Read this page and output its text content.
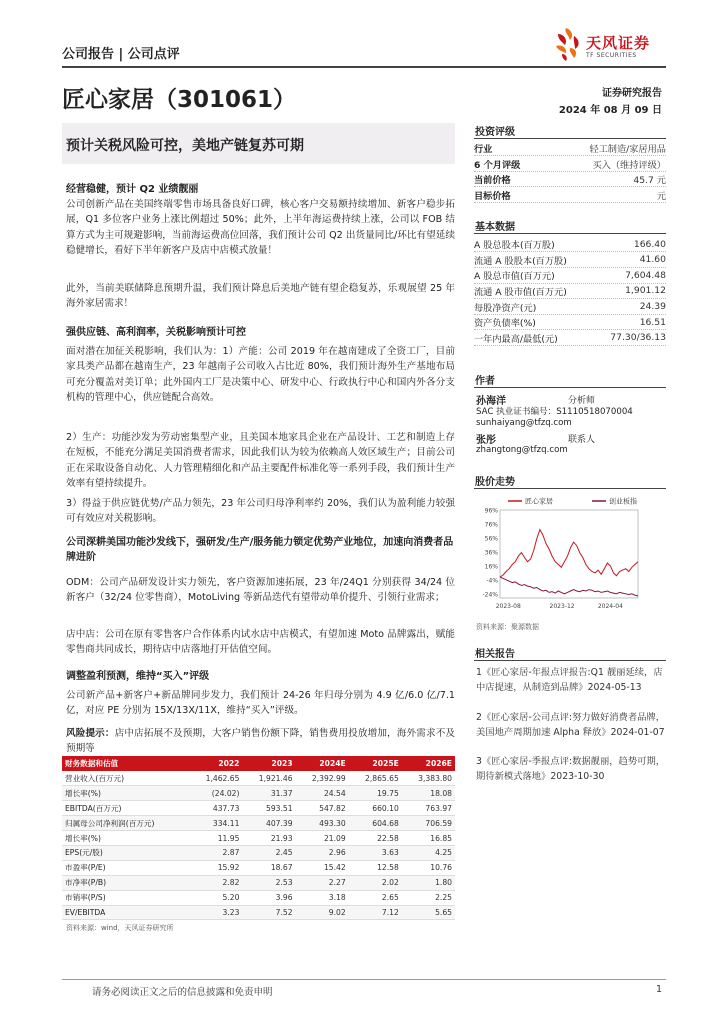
公司报告 | 公司点评
天风证券
TF SECURITIES
匠心家居（301061）	证券研究报告
2024 年 08 月 09 日
预计关税风险可控，美地产链复苏可期
经营稳健，预计 Q2 业绩靓丽
公司创新产品在美国终端零售市场具备良好口碑，核心客户交易额持续增加、新客户稳步拓展，Q1 多位客户业务上涨比例超过 50%；此外，上半年海运费持续上涨，公司以 FOB 结算方式为主可规避影响，当前海运费高位回落，我们预计公司 Q2 出货量同比/环比有望延续稳健增长，看好下半年新客户及店中店模式放量！
此外，当前美联储降息预期升温，我们预计降息后美地产链有望企稳复苏，乐观展望 25 年海外家居需求！
强供应链、高利润率，关税影响预计可控
面对潜在加征关税影响，我们认为：1）产能：公司 2019 年在越南建成了全资工厂，目前家具类产品都在越南生产，23 年越南子公司收入占比近 80%，我们预计海外生产基地布局可充分覆盖对美订单；此外国内工厂是决策中心、研发中心、行政执行中心和国内外各分支机构的管理中心，供应链配合高效。
2）生产：功能沙发为劳动密集型产业，且美国本地家具企业在产品设计、工艺和制造上存在短板，不能充分满足美国消费者需求，因此我们认为较为依赖高人效区域生产；目前公司正在采取设备自动化、人力管理精细化和产品主要配件标准化等一系列手段，我们预计生产效率有望持续提升。
3）得益于供应链优势/产品力领先，23 年公司归母净利率约 20%，我们认为盈利能力较强可有效应对关税影响。
公司深耕美国功能沙发线下，强研发/生产/服务能力锁定优势产业地位，加速向消费者品牌进阶
ODM：公司产品研发设计实力领先，客户资源加速拓展，23 年/24Q1 分别获得 34/24 位新客户（32/24 位零售商），MotoLiving 等新品迭代有望带动单价提升、引领行业需求；
店中店：公司在原有零售客户合作体系内试水店中店模式，有望加速 Moto 品牌露出，赋能零售商共同成长，期待店中店落地打开估值空间。
调整盈利预测，维持“买入”评级
公司新产品+新客户+新品牌同步发力，我们预计 24-26 年归母分别为 4.9 亿/6.0 亿/7.1 亿，对应 PE 分别为 15X/13X/11X，维持“买入”评级。
风险提示：店中店拓展不及预期，大客户销售份额下降，销售费用投放增加，海外需求不及预期等
财务数据和估值	2022	2023	2024E	2025E	2026E
营业收入(百万元)	1,462.65	1,921.46	2,392.99	2,865.65	3,383.80
增长率(%)	(24.02)	31.37	24.54	19.75	18.08
EBITDA(百万元)	437.73	593.51	547.82	660.10	763.97
归属母公司净利润(百万元)	334.11	407.39	493.30	604.68	706.59
增长率(%)	11.95	21.93	21.09	22.58	16.85
EPS(元/股)	2.87	2.45	2.96	3.63	4.25
市盈率(P/E)	15.92	18.67	15.42	12.58	10.76
市净率(P/B)	2.82	2.53	2.27	2.02	1.80
市销率(P/S)	5.20	3.96	3.18	2.65	2.25
EV/EBITDA	3.23	7.52	9.02	7.12	5.65
资料来源：wind，天风证券研究所
投资评级
行业	轻工制造/家居用品
6 个月评级	买入（维持评级）
当前价格	45.7 元
目标价格	元
基本数据
A 股总股本(百万股)	166.40
流通 A 股股本(百万股)	41.60
A 股总市值(百万元)	7,604.48
流通 A 股市值(百万元)	1,901.12
每股净资产(元)	24.39
资产负债率(%)	16.51
一年内最高/最低(元)	77.30/36.13
作者
孙海洋	分析师
SAC 执业证书编号：S1110518070004
sunhaiyang@tfzq.com
张彤	联系人
zhangtong@tfzq.com
股价走势
96%
76%
56%
36%
16%
-4%
-24%
2023-08	2023-12	2024-04
匠心家居	创业板指
资料来源：聚源数据
相关报告
1《匠心家居-年报点评报告:Q1 靓丽延续，店中店提速，从制造到品牌》2024-05-13
2《匠心家居-公司点评:努力做好消费者品牌，美国地产周期加速 Alpha 释放》2024-01-07
3《匠心家居-季报点评:数据靓丽，趋势可期，期待新模式落地》2023-10-30
请务必阅读正文之后的信息披露和免责申明	1
